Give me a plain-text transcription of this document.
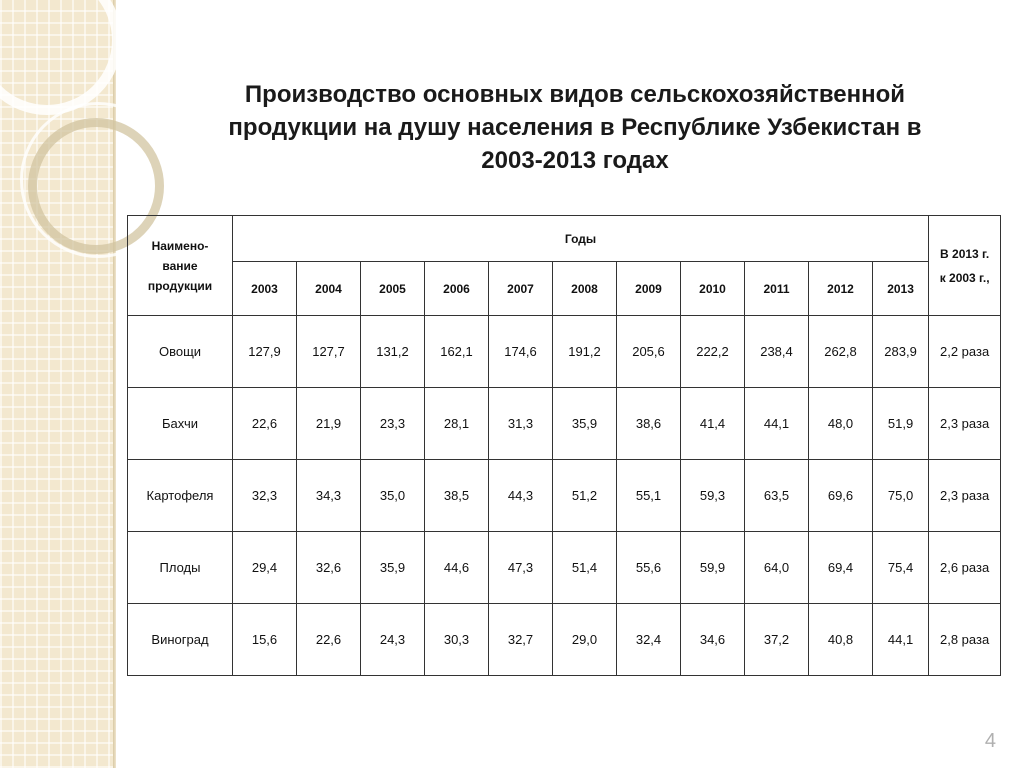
Производство основных видов сельскохозяйственной
продукции на душу населения в Республике Узбекистан в
2003-2013 годах
Наимено-
вание
продукции	Годы											В 2013 г.
к 2003 г.,
	2003	2004	2005	2006	2007	2008	2009	2010	2011	2012	2013	
Овощи	127,9	127,7	131,2	162,1	174,6	191,2	205,6	222,2	238,4	262,8	283,9	2,2 раза
Бахчи	22,6	21,9	23,3	28,1	31,3	35,9	38,6	41,4	44,1	48,0	51,9	2,3 раза
Картофеля	32,3	34,3	35,0	38,5	44,3	51,2	55,1	59,3	63,5	69,6	75,0	2,3 раза
Плоды	29,4	32,6	35,9	44,6	47,3	51,4	55,6	59,9	64,0	69,4	75,4	2,6 раза
Виноград	15,6	22,6	24,3	30,3	32,7	29,0	32,4	34,6	37,2	40,8	44,1	2,8 раза
4
